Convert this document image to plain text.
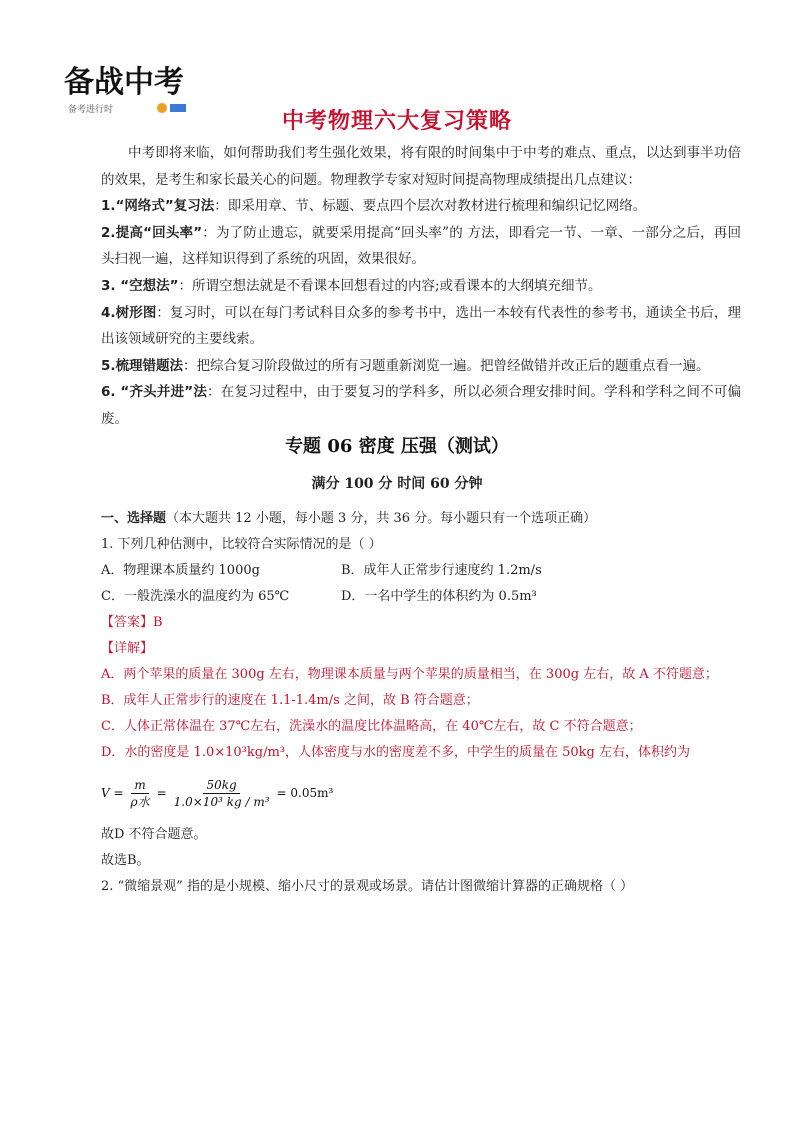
备战中考
备考进行时	中考物理六大复习策略

中考即将来临，如何帮助我们考生强化效果，将有限的时间集中于中考的难点、重点，以达到事半功倍的效果，是考生和家长最关心的问题。物理教学专家对短时间提高物理成绩提出几点建议：

1.“网络式”复习法：即采用章、节、标题、要点四个层次对教材进行梳理和编织记忆网络。

2.提高“回头率”：为了防止遗忘，就要采用提高“回头率”的 方法，即看完一节、一章、一部分之后，再回头扫视一遍，这样知识得到了系统的巩固，效果很好。

3. “空想法”：所谓空想法就是不看课本回想看过的内容;或看课本的大纲填充细节。

4.树形图：复习时，可以在每门考试科目众多的参考书中，选出一本较有代表性的参考书，通读全书后，理出该领域研究的主要线索。

5.梳理错题法：把综合复习阶段做过的所有习题重新浏览一遍。把曾经做错并改正后的题重点看一遍。

6. “齐头并进”法：在复习过程中，由于要复习的学科多，所以必须合理安排时间。学科和学科之间不可偏废。

专题 06 密度 压强（测试）
满分 100 分 时间 60 分钟

一、选择题（本大题共 12 小题，每小题 3 分，共 36 分。每小题只有一个选项正确）

1. 下列几种估测中，比较符合实际情况的是（ ）

A．物理课本质量约 1000g	B．成年人正常步行速度约 1.2m/s
C．一般洗澡水的温度约为 65℃	D．一名中学生的体积约为 0.5m³

【答案】B

【详解】

A．两个苹果的质量在 300g 左右，物理课本质量与两个苹果的质量相当，在 300g 左右，故 A 不符题意；

B．成年人正常步行的速度在 1.1-1.4m/s 之间，故 B 符合题意；

C．人体正常体温在 37℃左右，洗澡水的温度比体温略高，在 40℃左右，故 C 不符合题意；

D．水的密度是 1.0×10³kg/m³，人体密度与水的密度差不多，中学生的质量在 50kg 左右，体积约为

$V = \frac{m}{\text{ρ水}} = \frac{50kg}{\text{1.0×10³ kg / m³}} = 0.05m^3$

故D 不符合题意。

故选B。

2. “微缩景观” 指的是小规模、缩小尺寸的景观或场景。请估计图微缩计算器的正确规格（ ）
